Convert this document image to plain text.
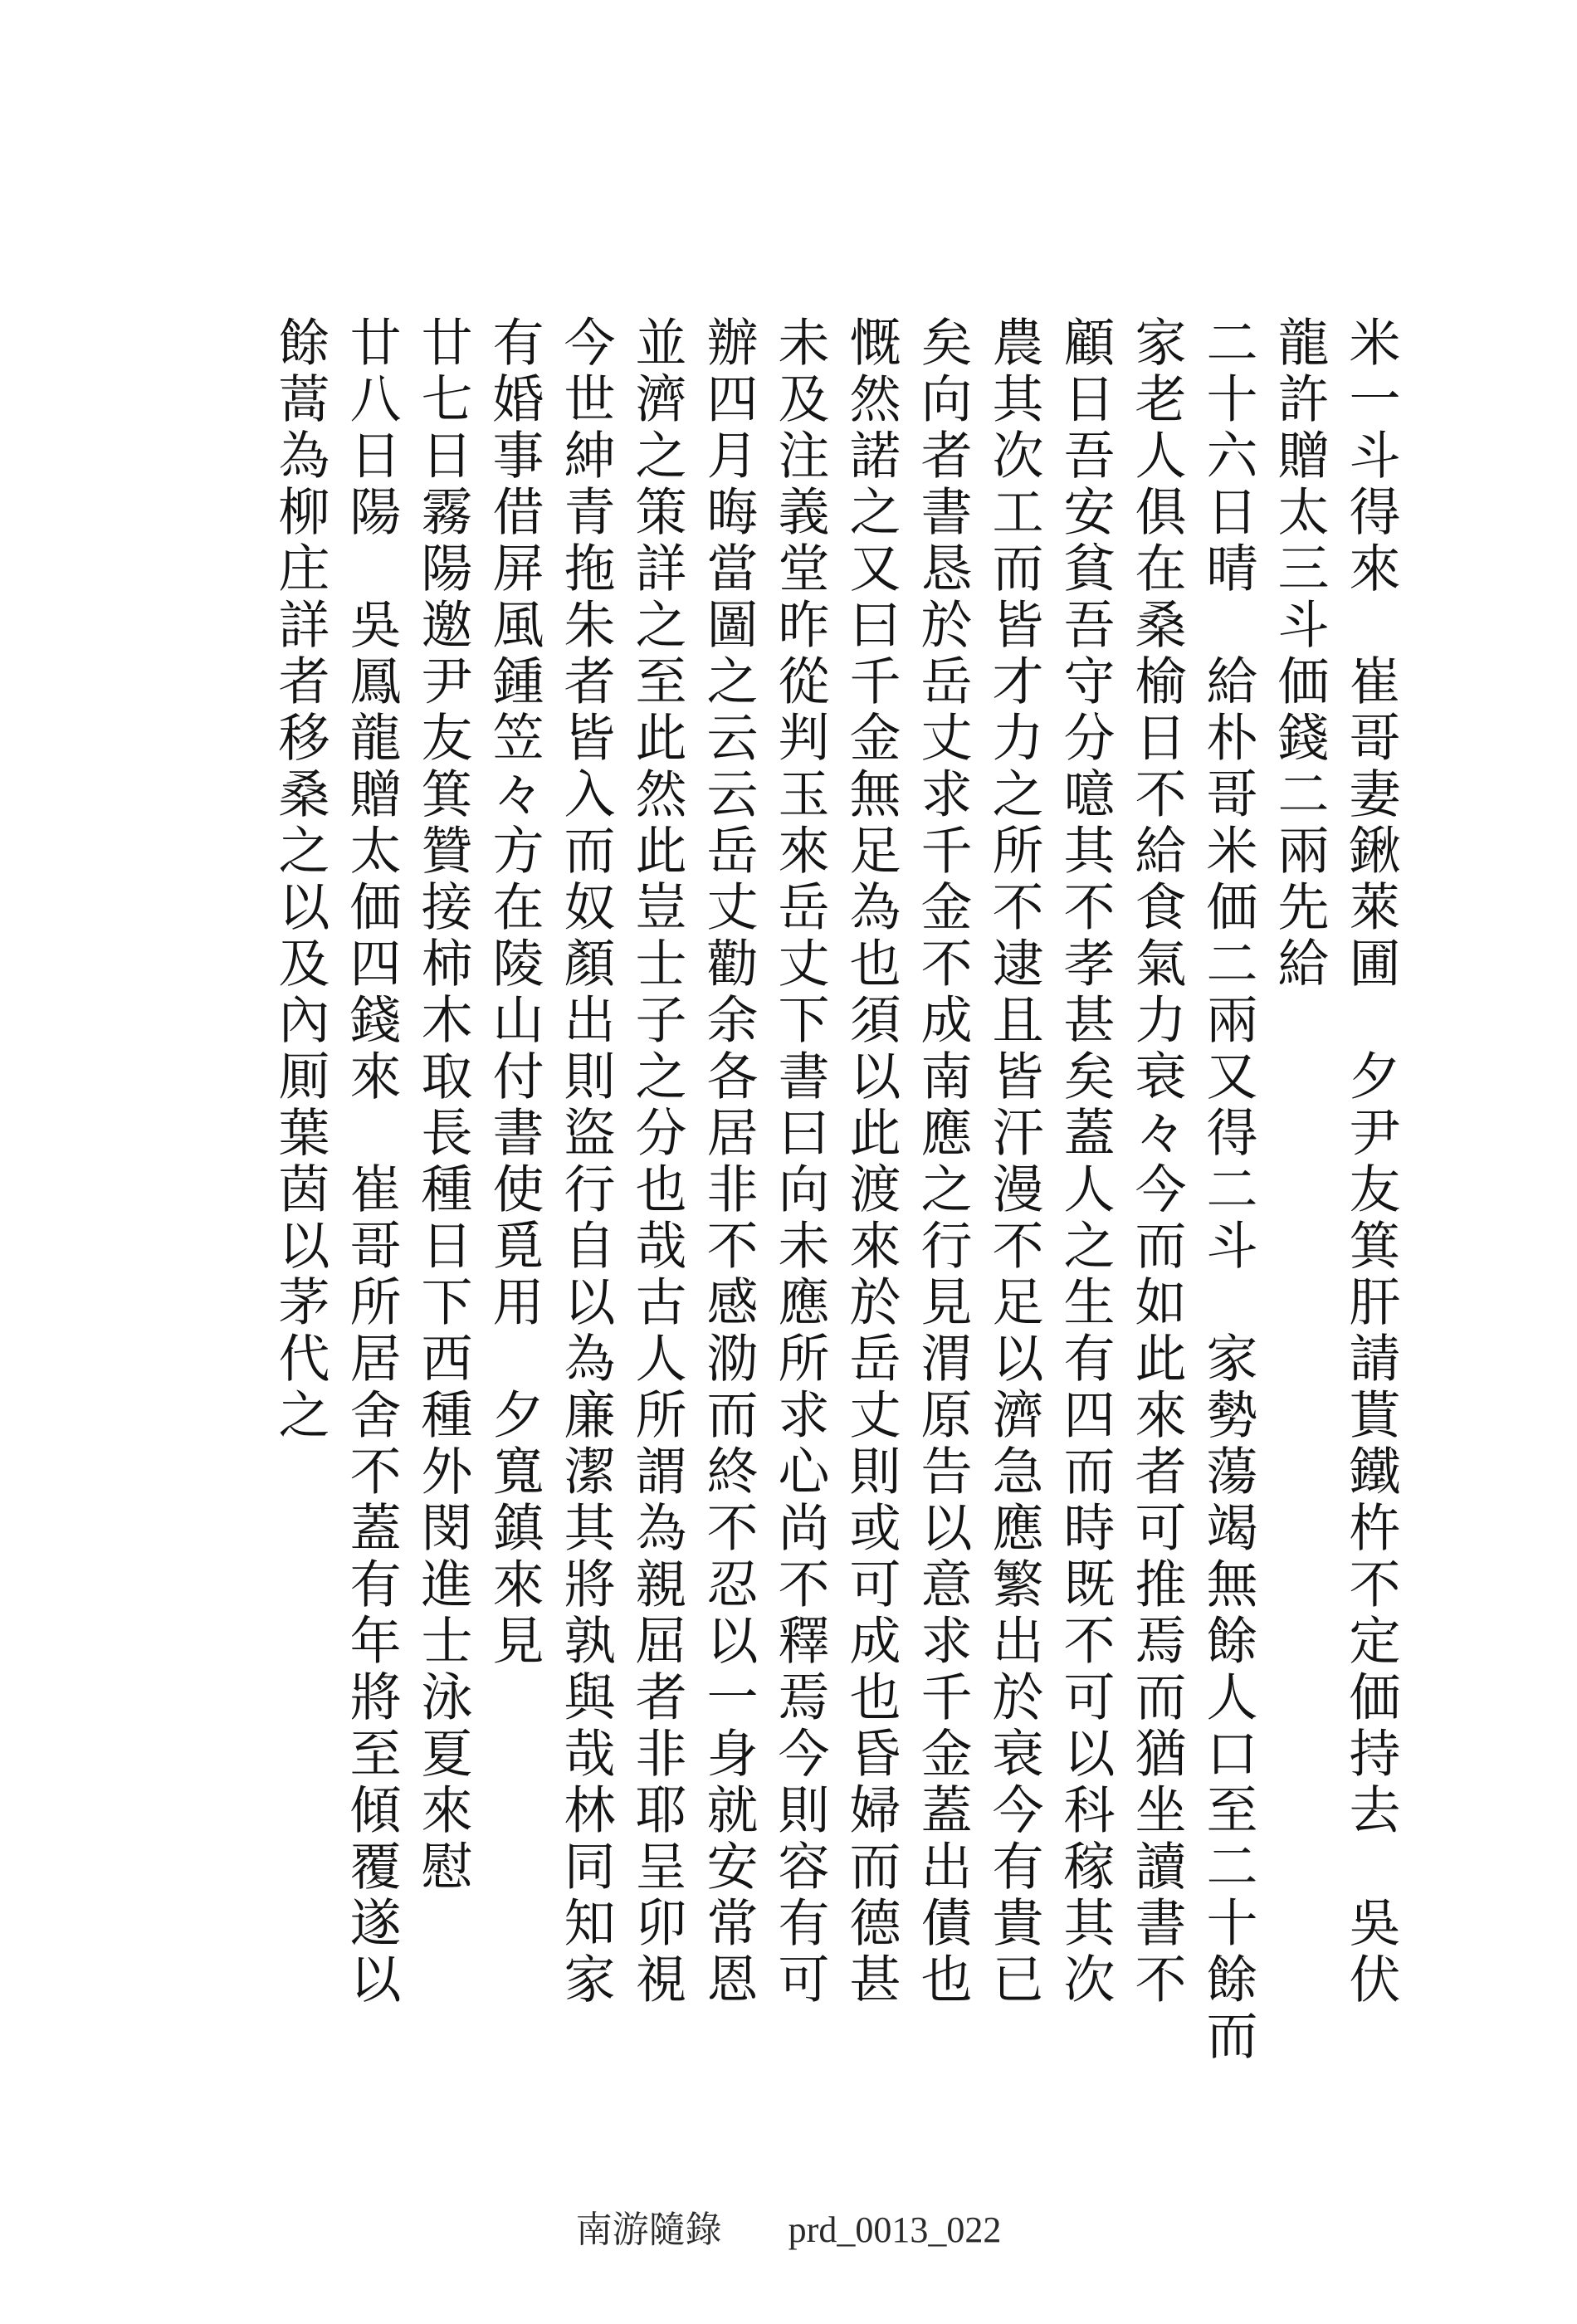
米一斗得來　崔哥妻鍬萊圃　夕尹友箕肝請貰鐵杵不定価持去　吳伏
龍許贈太三斗価錢二兩先給
二十六日晴　給朴哥米価二兩又得二斗　家勢蕩竭無餘人口至二十餘而
家老人俱在桑榆日不給食氣力衰々今而如此來者可推焉而猶坐讀書不
顧日吾安貧吾守分噫其不孝甚矣蓋人之生有四而時既不可以科稼其次
農其次工而皆才力之所不逮且皆汗漫不足以濟急應繁出於衰今有貴已
矣向者書恳於岳丈求千金不成南應之行見渭原告以意求千金蓋出債也
慨然諾之又曰千金無足為也須以此渡來於岳丈則或可成也昏婦而德甚
未及注義堂昨從判玉來岳丈下書曰向未應所求心尚不釋焉今則容有可
辦四月晦當圖之云云岳丈勸余各居非不感泐而終不忍以一身就安常恩
並濟之策詳之至此然此豈士子之分也哉古人所謂為親屈者非耶呈卯視
今世紳青拖朱者皆入而奴顏出則盜行自以為廉潔其將孰與哉林同知家
有婚事借屏風鍾笠々方在陵山付書使覓用　夕寬鎮來見
廿七日霧陽邀尹友箕贊接柿木取長種日下西種外閔進士泳夏來慰
廿八日陽　吳鳳龍贈太価四錢來　崔哥所居舍不蓋有年將至傾覆遂以
餘蒿為柳庄詳者移桑之以及內厠葉茵以茅代之
南游隨錄 prd_0013_022
